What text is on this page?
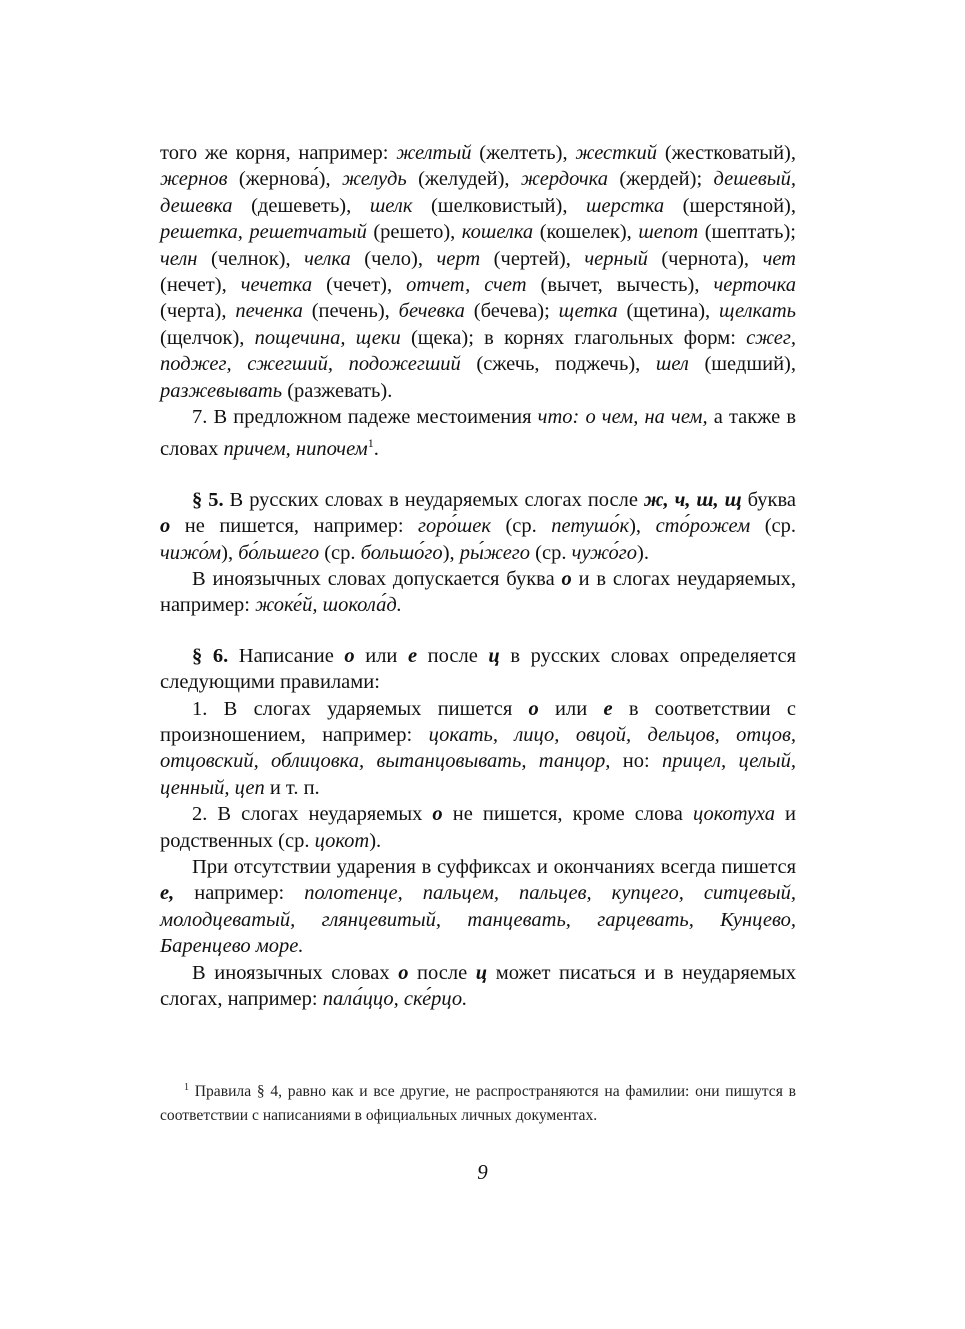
того же корня, например: желтый (желтеть), жесткий (жестковатый), жернов (жернова́), желудь (желудей), жердочка (жердей); дешевый, дешевка (дешеветь), шелк (шелковистый), шерстка (шерстяной), решетка, решетчатый (решето), кошелка (кошелек), шепот (шептать); челн (челнок), челка (чело), черт (чертей), черный (чернота), чет (нечет), чечетка (чечет), отчет, счет (вычет, вычесть), черточка (черта), печенка (печень), бечевка (бечева); щетка (щетина), щелкать (щелчок), пощечина, щеки (щека); в корнях глагольных форм: сжег, поджег, сжегший, подожегший (сжечь, поджечь), шел (шедший), разжевывать (разжевать).

7. В предложном падеже местоимения что: о чем, на чем, а также в словах причем, нипочем$^1$.

§ 5. В русских словах в неударяемых слогах после ж, ч, ш, щ буква о не пишется, например: горо́шек (ср. петушо́к), сто́рожем (ср. чижо́м), бо́льшего (ср. большо́го), ры́жего (ср. чужо́го).

В иноязычных словах допускается буква о и в слогах неударяемых, например: жоке́й, шокола́д.

§ 6. Написание о или е после ц в русских словах определяется следующими правилами:

1. В слогах ударяемых пишется о или е в соответствии с произношением, например: цокать, лицо, овцой, дельцов, отцов, отцовский, облицовка, вытанцовывать, танцор, но: прицел, целый, ценный, цеп и т. п.

2. В слогах неударяемых о не пишется, кроме слова цокотуха и родственных (ср. цокот).

При отсутствии ударения в суффиксах и окончаниях всегда пишется е, например: полотенце, пальцем, пальцев, купцего, ситцевый, молодцеватый, глянцевитый, танцевать, гарцевать, Кунцево, Баренцево море.

В иноязычных словах о после ц может писаться и в неударяемых слогах, например: пала́ццо, ске́рцо.

$^1$ Правила § 4, равно как и все другие, не распространяются на фамилии: они пишутся в соответствии с написаниями в официальных личных документах.

9
